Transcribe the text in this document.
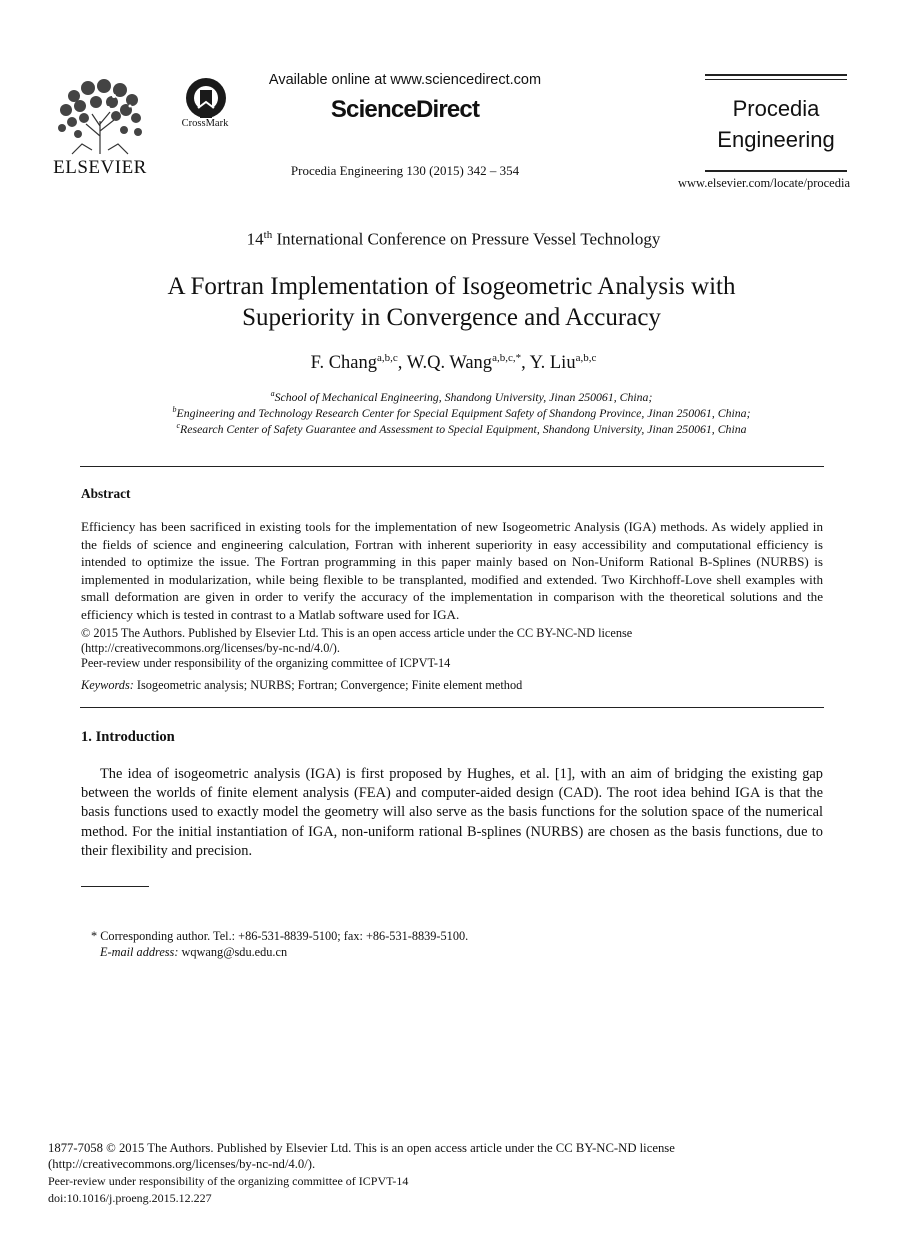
ELSEVIER
CrossMark
Available online at www.sciencedirect.com
ScienceDirect
Procedia Engineering 130 (2015) 342 – 354
Procedia
Engineering
www.elsevier.com/locate/procedia
14th International Conference on Pressure Vessel Technology
A Fortran Implementation of Isogeometric Analysis with
Superiority in Convergence and Accuracy
F. Chang$^{a,b,c}$, W.Q. Wang$^{a,b,c,*}$, Y. Liu$^{a,b,c}$
$^a$School of Mechanical Engineering, Shandong University, Jinan 250061, China;
$^b$Engineering and Technology Research Center for Special Equipment Safety of Shandong Province, Jinan 250061, China;
$^c$Research Center of Safety Guarantee and Assessment to Special Equipment, Shandong University, Jinan 250061, China
Abstract

Efficiency has been sacrificed in existing tools for the implementation of new Isogeometric Analysis (IGA) methods. As widely applied in the fields of science and engineering calculation, Fortran with inherent superiority in easy accessibility and computational efficiency is intended to optimize the issue. The Fortran programming in this paper mainly based on Non-Uniform Rational B-Splines (NURBS) is implemented in modularization, while being flexible to be transplanted, modified and extended. Two Kirchhoff-Love shell examples with small deformation are given in order to verify the accuracy of the implementation in comparison with the theoretical solutions and the efficiency which is tested in contrast to a Matlab software used for IGA.

© 2015 The Authors. Published by Elsevier Ltd. This is an open access article under the CC BY-NC-ND license
(http://creativecommons.org/licenses/by-nc-nd/4.0/).
Peer-review under responsibility of the organizing committee of ICPVT-14
Keywords: Isogeometric analysis; NURBS; Fortran; Convergence; Finite element method
1. Introduction
The idea of isogeometric analysis (IGA) is first proposed by Hughes, et al. [1], with an aim of bridging the existing gap between the worlds of finite element analysis (FEA) and computer-aided design (CAD). The root idea behind IGA is that the basis functions used to exactly model the geometry will also serve as the basis functions for the solution space of the numerical method. For the initial instantiation of IGA, non-uniform rational B-splines (NURBS) are chosen as the basis functions, due to their flexibility and precision.
* Corresponding author. Tel.: +86-531-8839-5100; fax: +86-531-8839-5100.
E-mail address: wqwang@sdu.edu.cn
1877-7058 © 2015 The Authors. Published by Elsevier Ltd. This is an open access article under the CC BY-NC-ND license
(http://creativecommons.org/licenses/by-nc-nd/4.0/).
Peer-review under responsibility of the organizing committee of ICPVT-14
doi:10.1016/j.proeng.2015.12.227
